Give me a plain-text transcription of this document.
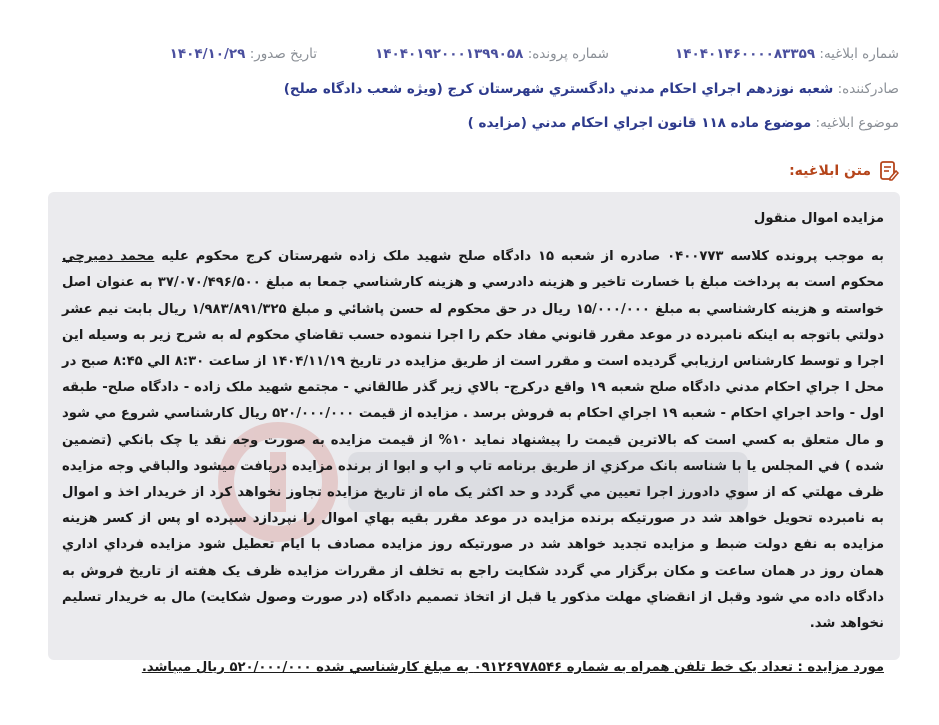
شماره ابلاغيه: ۱۴۰۴۰۱۴۶۰۰۰۰۸۳۳۵۹
شماره پرونده: ۱۴۰۴۰۱۹۲۰۰۰۱۳۹۹۰۵۸
تاريخ صدور: ۱۴۰۴/۱۰/۲۹
صادرکننده: شعبه نوزدهم اجراي احکام مدني دادگستري شهرستان کرج (ويژه شعب دادگاه صلح)
موضوع ابلاغيه: موضوع ماده ۱۱۸ قانون اجراي احکام مدني (مزايده )
متن ابلاغيه:

مزايده اموال منقول

به موجب پرونده کلاسه ۰۴۰۰۷۷۳ صادره از شعبه ۱۵ دادگاه صلح شهيد ملک زاده شهرستان کرج محکوم عليه محمد دميرچي محکوم است به پرداخت مبلغ با خسارت تاخير و هزينه دادرسي و هزينه کارشناسي جمعا به مبلغ ۳۷/۰۷۰/۴۹۶/۵۰۰ به عنوان اصل خواسته و هزينه کارشناسي به مبلغ ۱۵/۰۰۰/۰۰۰ ريال در حق محکوم له حسن پاشائي و مبلغ ۱/۹۸۳/۸۹۱/۳۲۵ ريال بابت نيم عشر دولتي باتوجه به اينکه نامبرده در موعد مقرر قانوني مفاد حکم را اجرا ننموده حسب تقاضاي محکوم له به شرح زير به وسيله اين اجرا و توسط کارشناس ارزيابي گرديده است و مقرر است از طريق مزايده در تاريخ ۱۴۰۴/۱۱/۱۹ از ساعت ۸:۳۰ الي ۸:۴۵ صبح در محل ا جراي احکام مدني دادگاه صلح شعبه ۱۹ واقع درکرج- بالاي زير گذر طالقاني - مجتمع شهيد ملک زاده - دادگاه صلح- طبقه اول - واحد اجراي احکام - شعبه ۱۹ اجراي احکام به فروش برسد . مزايده از قيمت ۵۲۰/۰۰۰/۰۰۰ ريال کارشناسي شروع مي شود و مال متعلق به کسي است که بالاترين قيمت را پيشنهاد نمايد ۱۰% از قيمت مزايده به صورت وجه نقد يا چک بانکي (تضمين شده ) في المجلس يا با شناسه بانک مرکزي از طريق برنامه تاپ و اپ و ابوا از برنده مزايده دريافت ميشود والباقي وجه مزايده ظرف مهلتي که از سوي دادورز اجرا تعيين مي گردد و حد اکثر يک ماه از تاريخ مزايده تجاوز نخواهد کرد از خريدار اخذ و اموال به نامبرده تحويل خواهد شد در صورتيکه برنده مزايده در موعد مقرر بقيه بهاي اموال را نپردازد سپرده او پس از کسر هزينه مزايده به نفع دولت ضبط و مزايده تجديد خواهد شد در صورتيکه روز مزايده مصادف با ايام تعطيل شود مزايده فرداي اداري همان روز در همان ساعت و مکان برگزار مي گردد شکايت راجع به تخلف از مقررات مزايده ظرف يک هفته از تاريخ فروش به دادگاه داده مي شود وقبل از انقضاي مهلت مذکور يا قبل از اتخاذ تصميم دادگاه (در صورت وصول شکايت) مال به خريدار تسليم نخواهد شد.

مورد مزايده : تعداد يک خط تلفن همراه به شماره ۰۹۱۲۶۹۷۸۵۴۶ به مبلغ کارشناسي شده ۵۲۰/۰۰۰/۰۰۰ ريال ميباشد.
